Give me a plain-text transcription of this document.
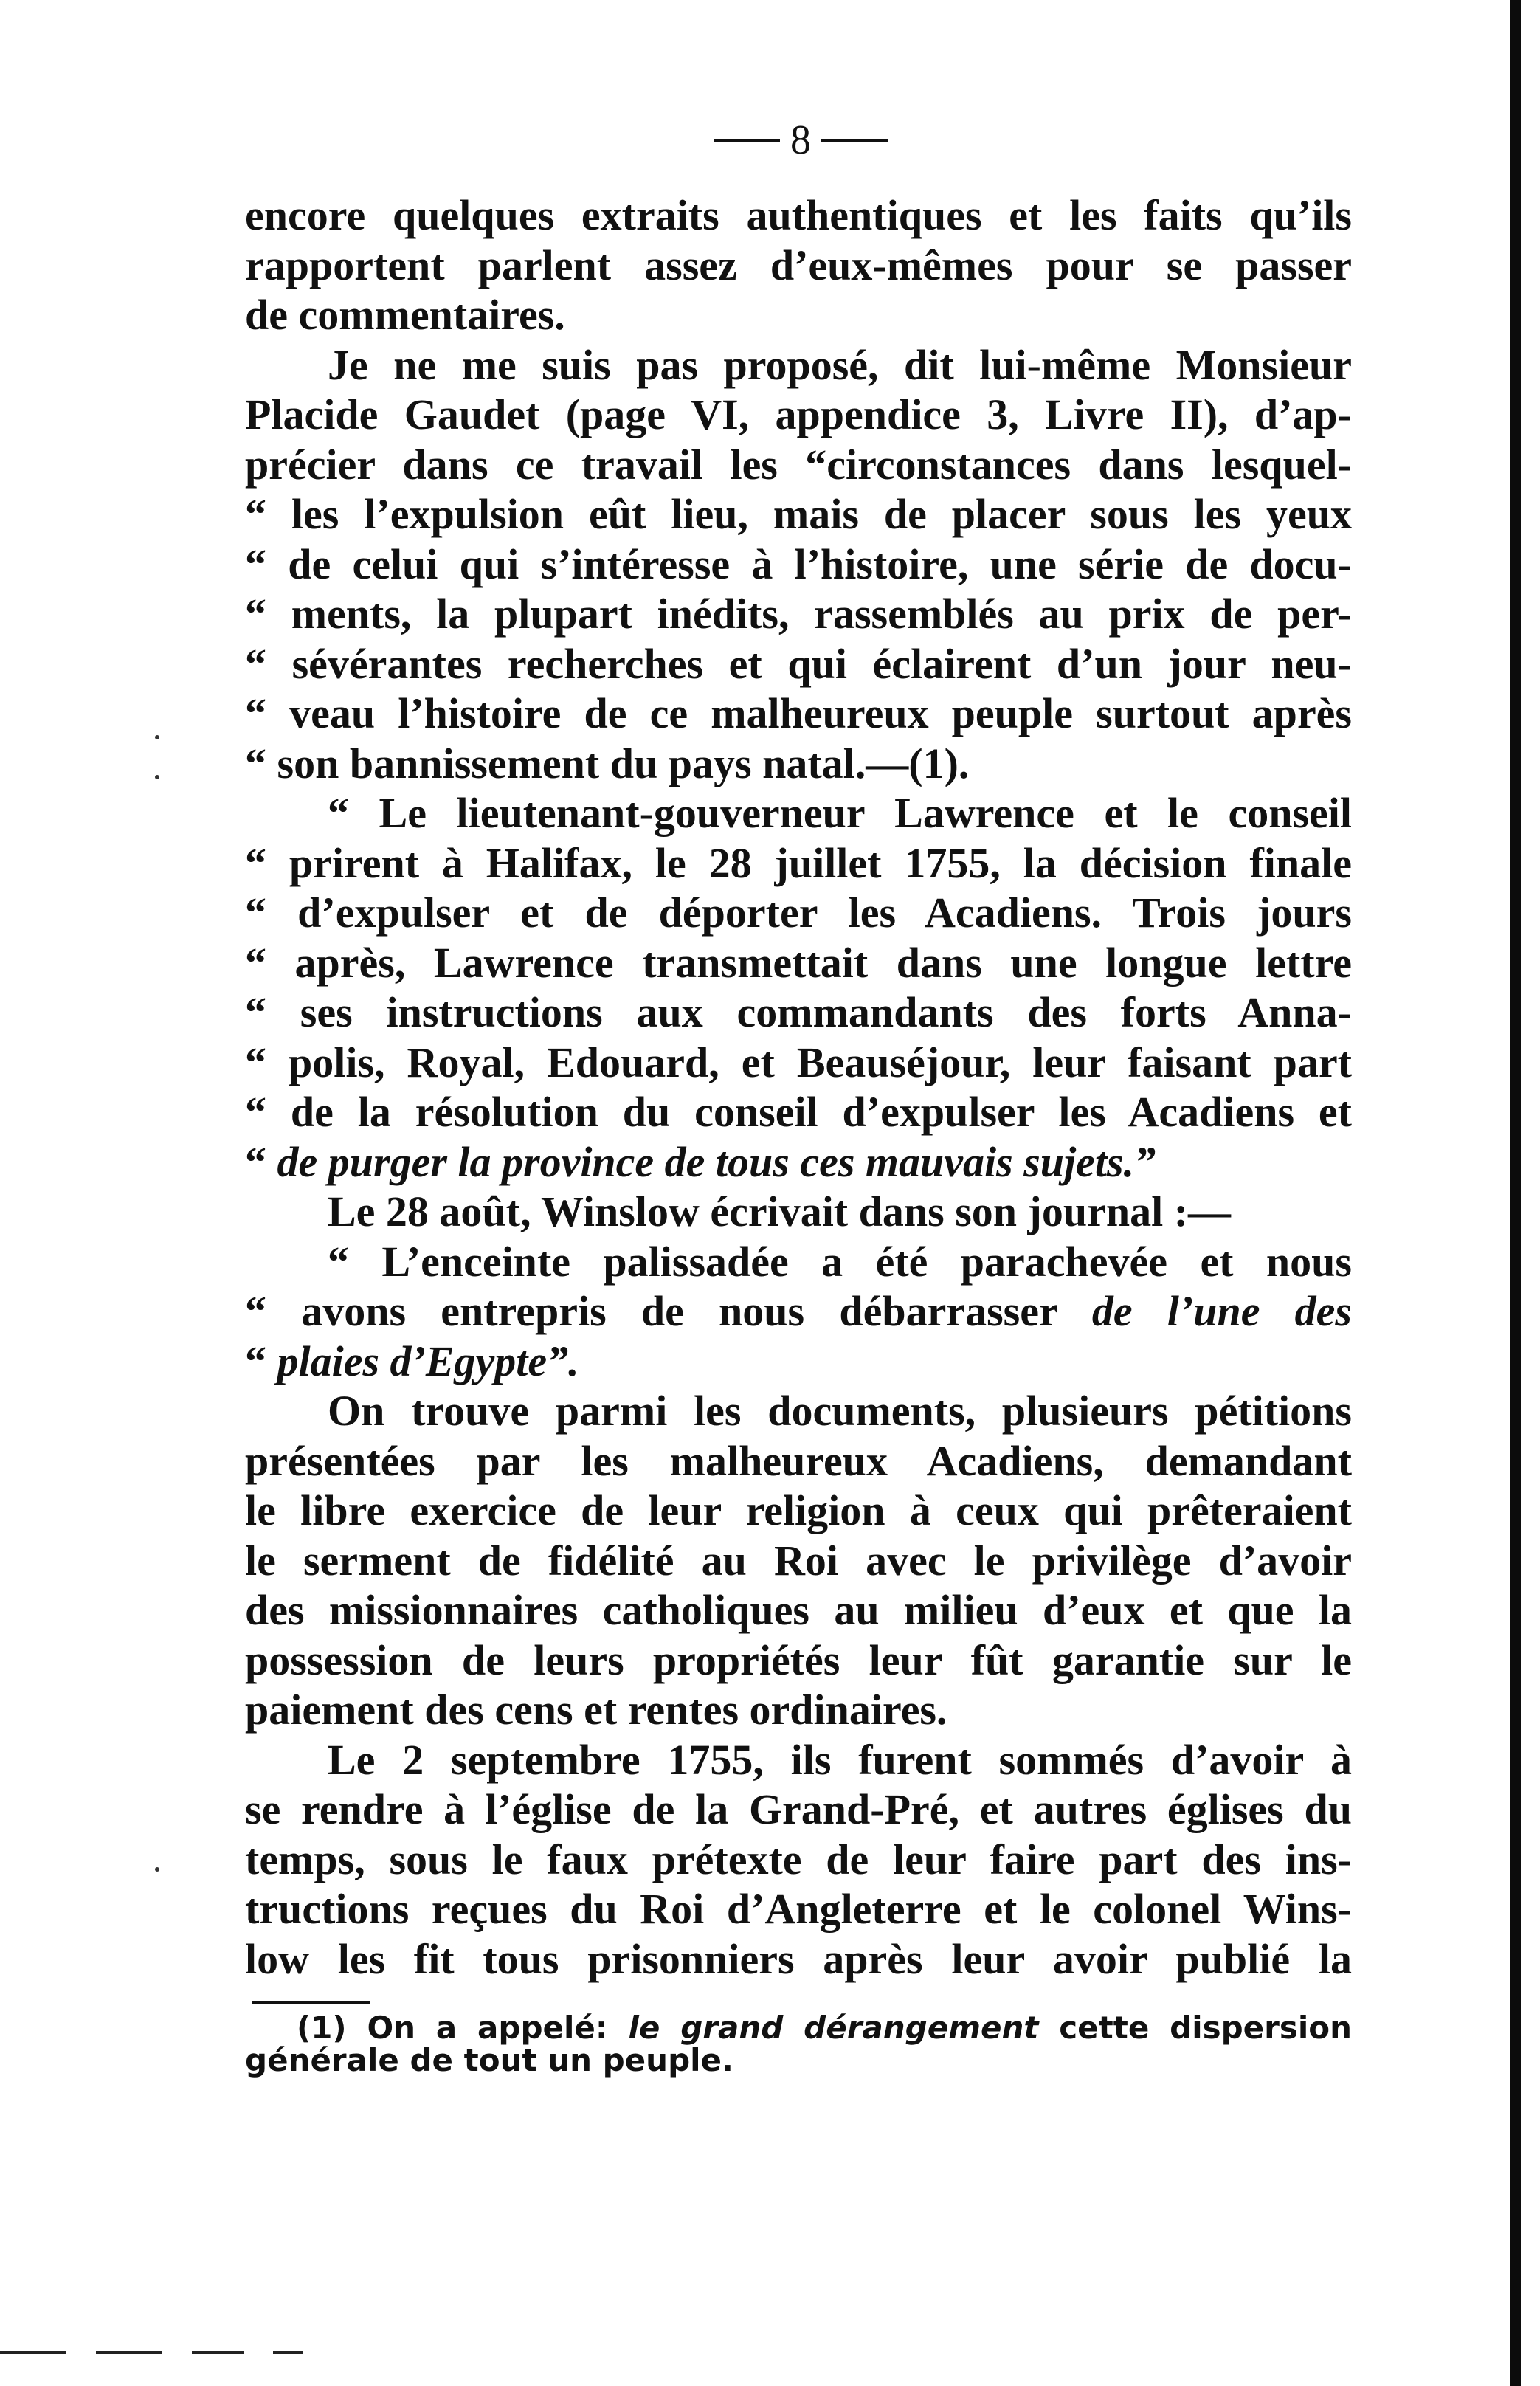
8
encore quelques extraits authentiques et les faits qu’ils
rapportent parlent assez d’eux-mêmes pour se passer
de commentaires.
Je ne me suis pas proposé, dit lui-même Monsieur
Placide Gaudet (page VI, appendice 3, Livre II), d’ap-
précier dans ce travail les “circonstances dans lesquel-
“ les l’expulsion eût lieu, mais de placer sous les yeux
“ de celui qui s’intéresse à l’histoire, une série de docu-
“ ments, la plupart inédits, rassemblés au prix de per-
“ sévérantes recherches et qui éclairent d’un jour neu-
“ veau l’histoire de ce malheureux peuple surtout après
“ son bannissement du pays natal.—(1).
“ Le lieutenant-gouverneur Lawrence et le conseil
“ prirent à Halifax, le 28 juillet 1755, la décision finale
“ d’expulser et de déporter les Acadiens. Trois jours
“ après, Lawrence transmettait dans une longue lettre
“ ses instructions aux commandants des forts Anna-
“ polis, Royal, Edouard, et Beauséjour, leur faisant part
“ de la résolution du conseil d’expulser les Acadiens et
“ de purger la province de tous ces mauvais sujets.”
Le 28 août, Winslow écrivait dans son journal :—
“ L’enceinte palissadée a été parachevée et nous
“ avons entrepris de nous débarrasser de l’une des
“ plaies d’Egypte”.
On trouve parmi les documents, plusieurs pétitions
présentées par les malheureux Acadiens, demandant
le libre exercice de leur religion à ceux qui prêteraient
le serment de fidélité au Roi avec le privilège d’avoir
des missionnaires catholiques au milieu d’eux et que la
possession de leurs propriétés leur fût garantie sur le
paiement des cens et rentes ordinaires.
Le 2 septembre 1755, ils furent sommés d’avoir à
se rendre à l’église de la Grand-Pré, et autres églises du
temps, sous le faux prétexte de leur faire part des ins-
tructions reçues du Roi d’Angleterre et le colonel Wins-
low les fit tous prisonniers après leur avoir publié la
(1) On a appelé: le grand dérangement cette dispersion
générale de tout un peuple.
